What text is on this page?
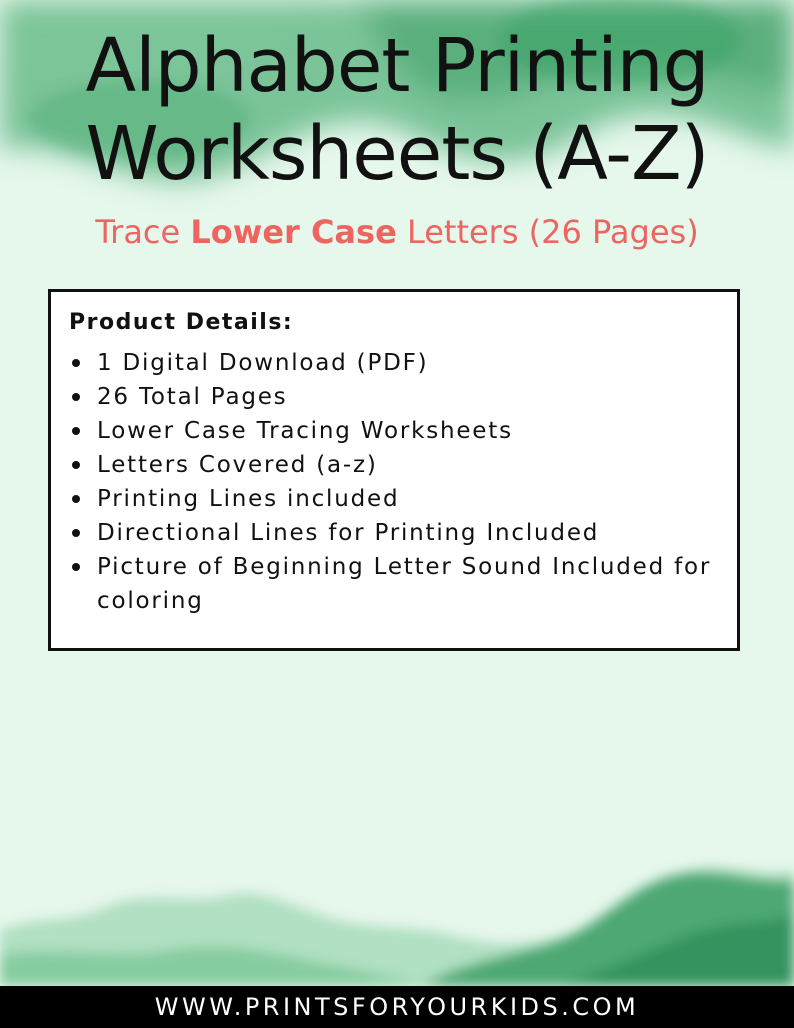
Alphabet Printing
Worksheets (A-Z)
Trace Lower Case Letters (26 Pages)
Product Details:
1 Digital Download (PDF)
26 Total Pages
Lower Case Tracing Worksheets
Letters Covered (a-z)
Printing Lines included
Directional Lines for Printing Included
Picture of Beginning Letter Sound Included for coloring
WWW.PRINTSFORYOURKIDS.COM
